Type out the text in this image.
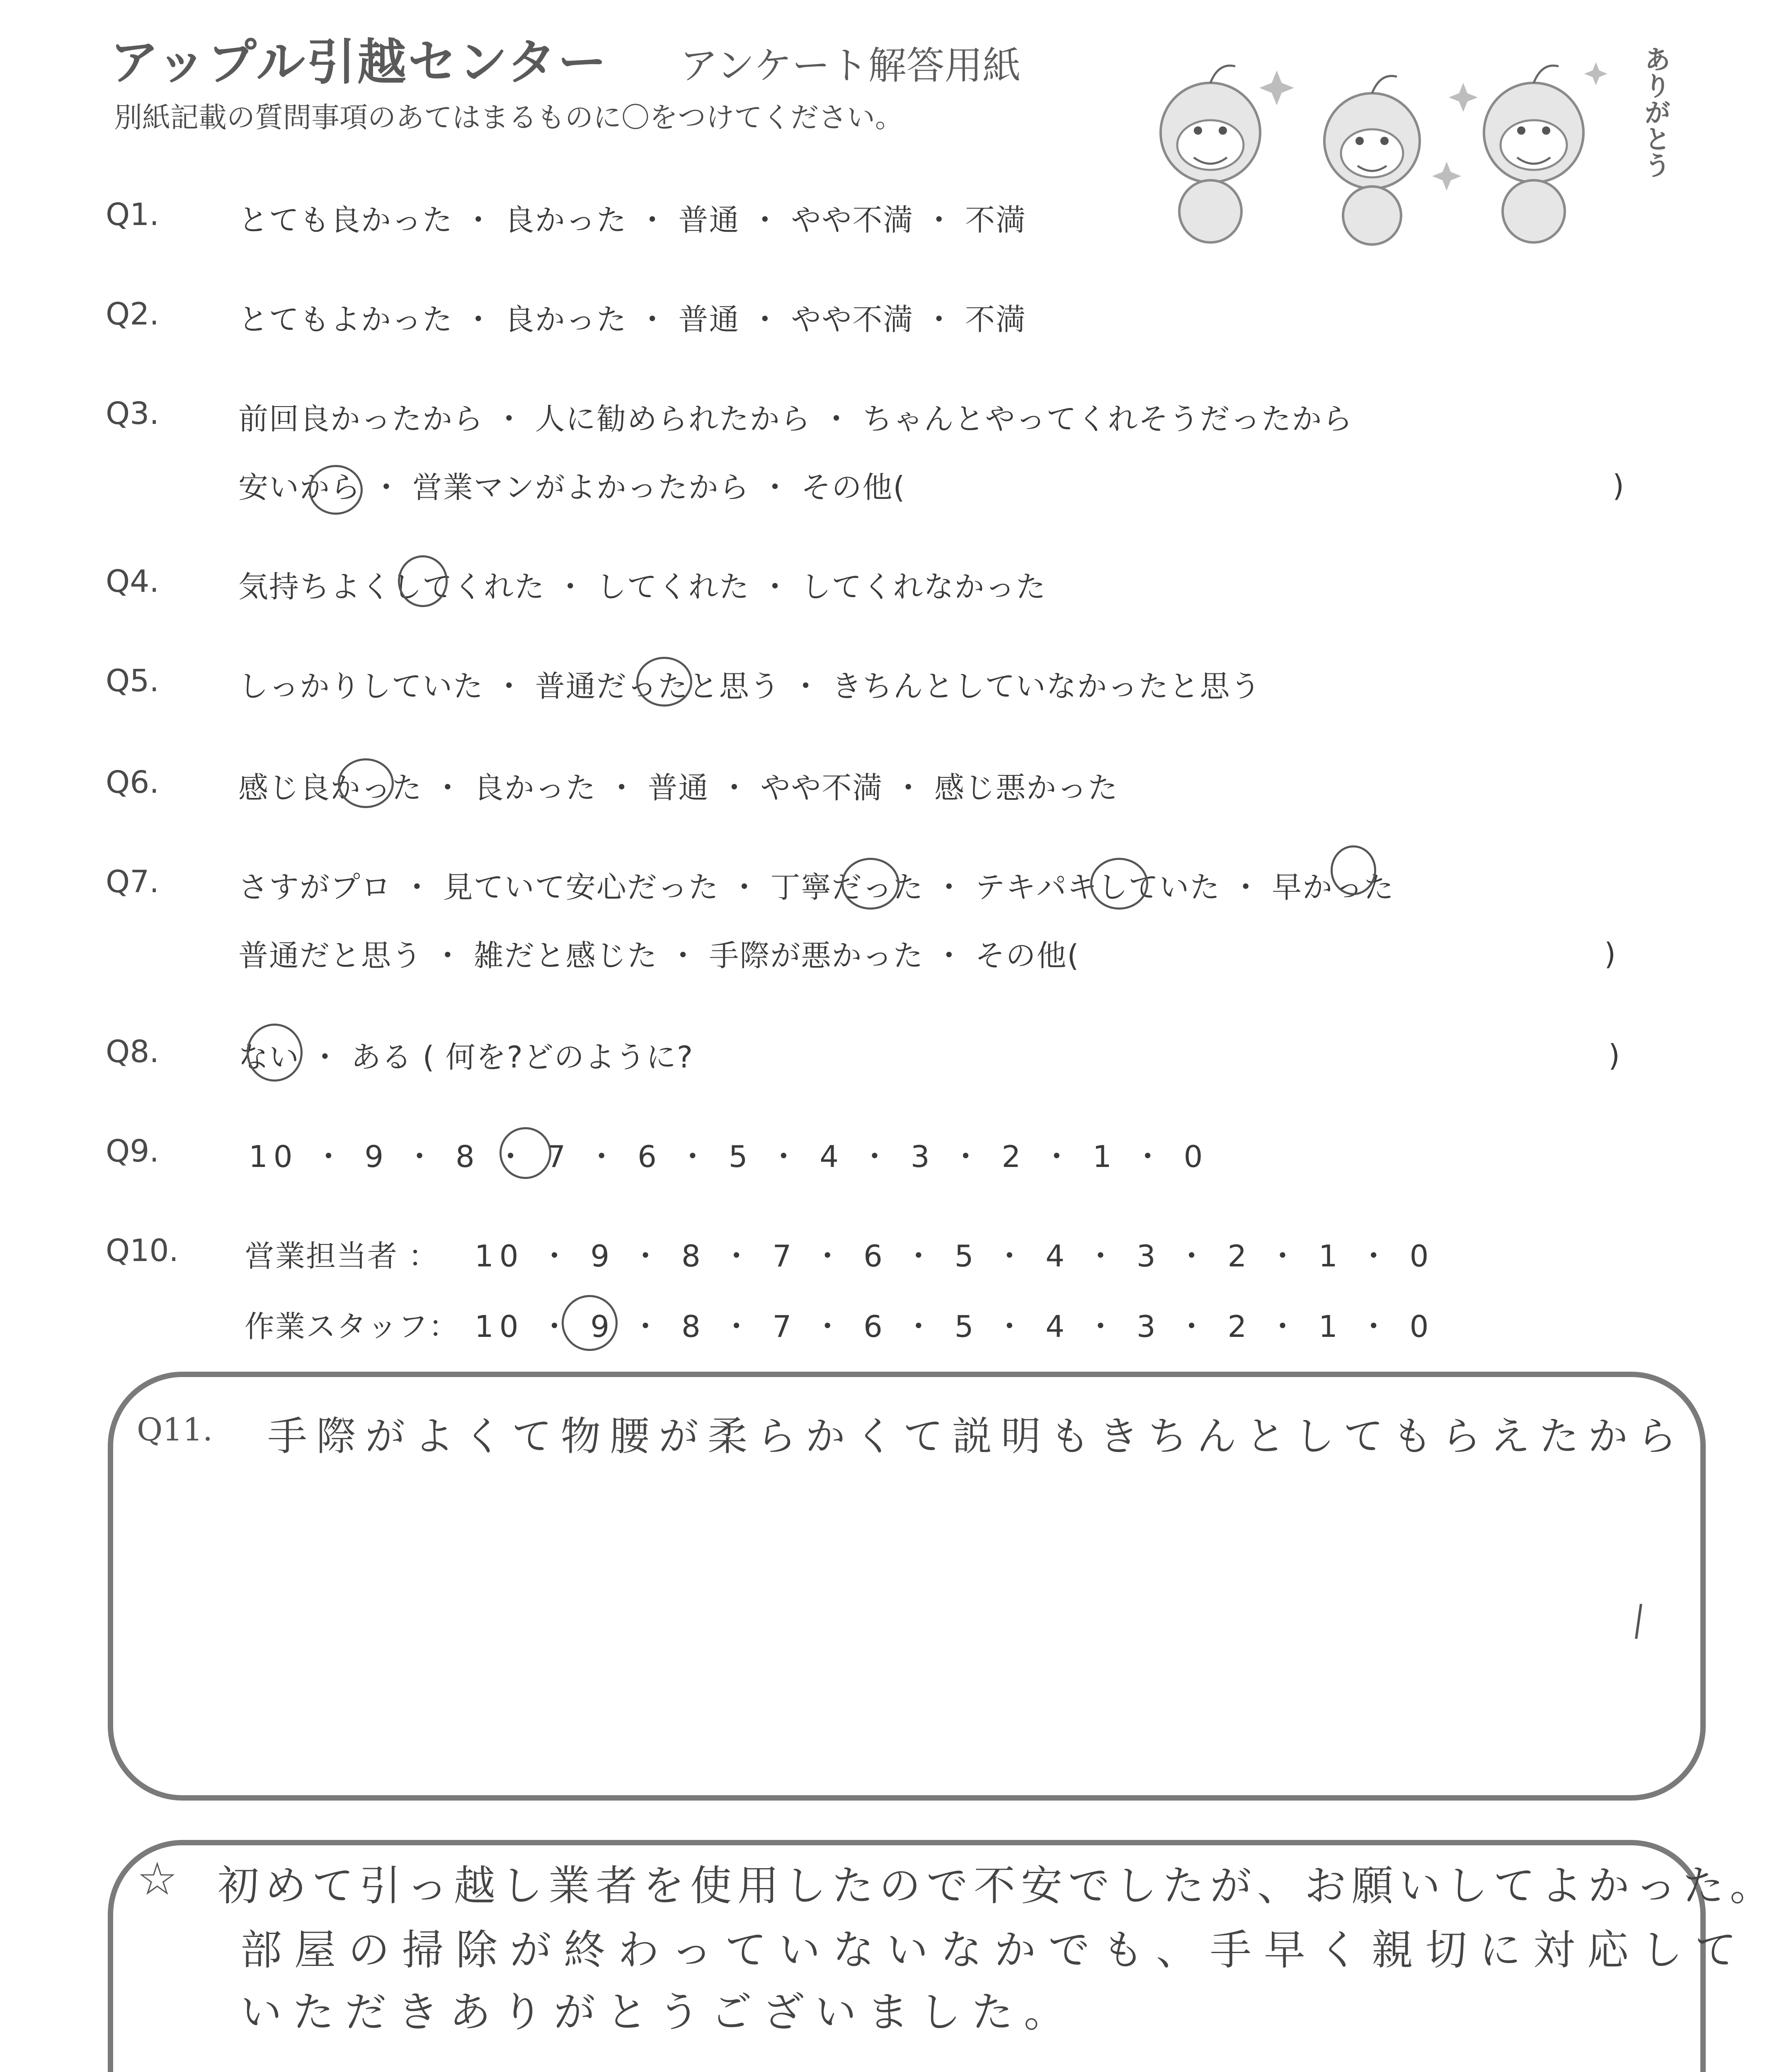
アップル引越センター アンケート解答用紙
別紙記載の質問事項のあてはまるものに〇をつけてください。	ありがとう
Q1.	とても良かった ・ 良かった ・ 普通 ・ やや不満 ・ 不満
Q2.	とてもよかった ・ 良かった ・ 普通 ・ やや不満 ・ 不満
Q3.	前回良かったから ・ 人に勧められたから ・ ちゃんとやってくれそうだったから
安いから ・ 営業マンがよかったから ・ その他(	)
Q4.	気持ちよくしてくれた ・ してくれた ・ してくれなかった
Q5.	しっかりしていた ・ 普通だったと思う ・ きちんとしていなかったと思う
Q6.	感じ良かった ・ 良かった ・ 普通 ・ やや不満 ・ 感じ悪かった
Q7.	さすがプロ ・ 見ていて安心だった ・ 丁寧だった ・ テキパキしていた ・ 早かった
普通だと思う ・ 雑だと感じた ・ 手際が悪かった ・ その他(	)
Q8.	ない ・ ある ( 何を?どのように?	)
Q9.	10 ・ 9 ・ 8 ・ 7 ・ 6 ・ 5 ・ 4 ・ 3 ・ 2 ・ 1 ・ 0
Q10. 営業担当者 ： 10 ・ 9 ・ 8 ・ 7 ・ 6 ・ 5 ・ 4 ・ 3 ・ 2 ・ 1 ・ 0
作業スタッフ： 10 ・ 9 ・ 8 ・ 7 ・ 6 ・ 5 ・ 4 ・ 3 ・ 2 ・ 1 ・ 0
Q11. 手際がよくて物腰が柔らかくて説明もきちんとしてもらえたから
☆ 初めて引っ越し業者を使用したので不安でしたが、お願いしてよかった。
部屋の掃除が終わっていないなかでも、手早く親切に対応して
いただきありがとうございました。
